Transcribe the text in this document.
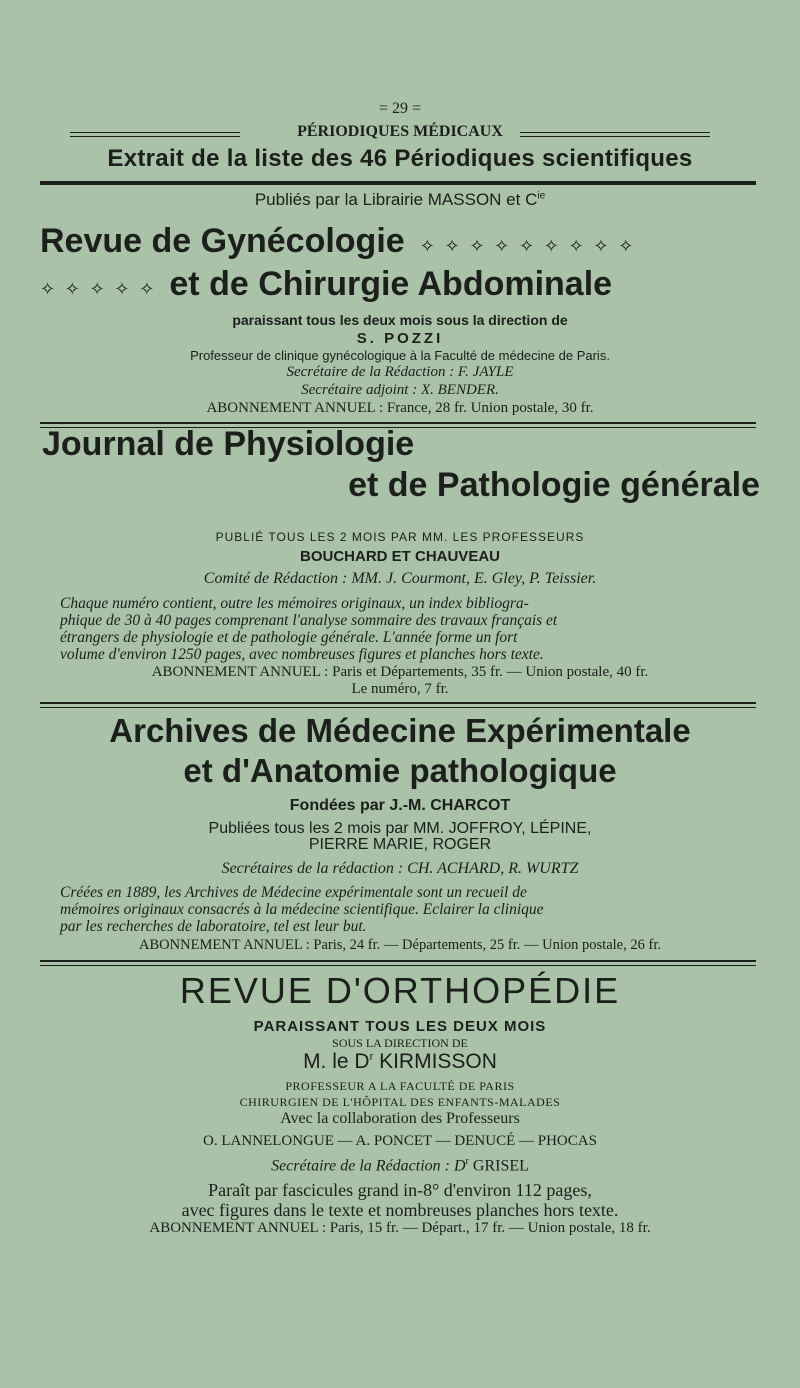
= 29 =
PÉRIODIQUES MÉDICAUX
Extrait de la liste des 46 Périodiques scientifiques
Publiés par la Librairie MASSON et $C^{ie}$
Revue de Gynécologie ✧ ✧ ✧ ✧ ✧ ✧ ✧ ✧ ✧
✧ ✧ ✧ ✧ ✧ et de Chirurgie Abdominale
paraissant tous les deux mois sous la direction de
S. POZZI
Professeur de clinique gynécologique à la Faculté de médecine de Paris.
Secrétaire de la Rédaction : F. JAYLE
Secrétaire adjoint : X. BENDER.
ABONNEMENT ANNUEL : France, 28 fr. Union postale, 30 fr.
Journal de Physiologie
et de Pathologie générale
PUBLIÉ TOUS LES 2 MOIS PAR MM. LES PROFESSEURS
BOUCHARD ET CHAUVEAU
Comité de Rédaction : MM. J. Courmont, E. Gley, P. Teissier.
Chaque numéro contient, outre les mémoires originaux, un index bibliogra-
phique de 30 à 40 pages comprenant l'analyse sommaire des travaux français et
étrangers de physiologie et de pathologie générale. L'année forme un fort
volume d'environ 1250 pages, avec nombreuses figures et planches hors texte.
ABONNEMENT ANNUEL : Paris et Départements, 35 fr. — Union postale, 40 fr.
Le numéro, 7 fr.
Archives de Médecine Expérimentale
et d'Anatomie pathologique
Fondées par J.-M. CHARCOT
Publiées tous les 2 mois par MM. JOFFROY, LÉPINE,
PIERRE MARIE, ROGER
Secrétaires de la rédaction : CH. ACHARD, R. WURTZ
Créées en 1889, les Archives de Médecine expérimentale sont un recueil de
mémoires originaux consacrés à la médecine scientifique. Eclairer la clinique
par les recherches de laboratoire, tel est leur but.
ABONNEMENT ANNUEL : Paris, 24 fr. — Départements, 25 fr. — Union postale, 26 fr.
REVUE D'ORTHOPÉDIE
PARAISSANT TOUS LES DEUX MOIS
SOUS LA DIRECTION DE
M. le $D^r$ KIRMISSON
PROFESSEUR A LA FACULTÉ DE PARIS
CHIRURGIEN DE L'HÔPITAL DES ENFANTS-MALADES
Avec la collaboration des Professeurs
O. LANNELONGUE — A. PONCET — DENUCÉ — PHOCAS
Secrétaire de la Rédaction : $D^r$ GRISEL
Paraît par fascicules grand in-8° d'environ 112 pages,
avec figures dans le texte et nombreuses planches hors texte.
ABONNEMENT ANNUEL : Paris, 15 fr. — Départ., 17 fr. — Union postale, 18 fr.
